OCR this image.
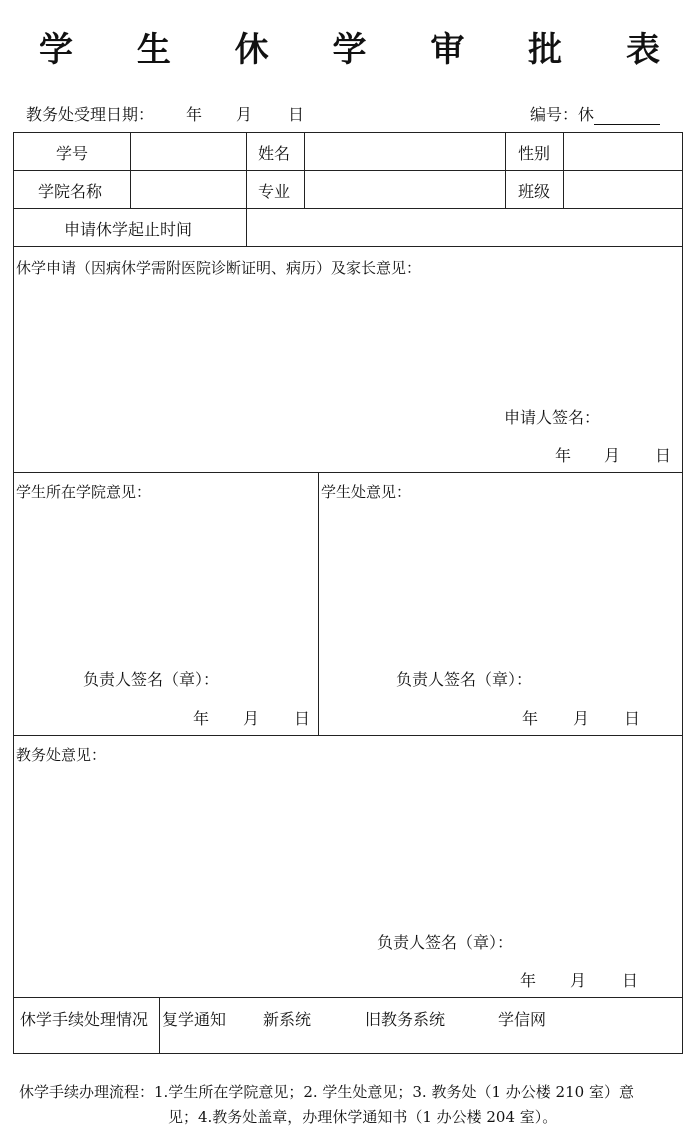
学 生 休 学 审 批 表
教务处受理日期： 年 月 日	编号：休
学号	姓名	性别
学院名称	专业	班级
申请休学起止时间
休学申请（因病休学需附医院诊断证明、病历）及家长意见：
申请人签名：
年 月 日
学生所在学院意见：
负责人签名（章）：
年 月 日
学生处意见：
负责人签名（章）：
年 月 日
教务处意见：
负责人签名（章）：
年 月 日
休学手续处理情况 复学通知 新系统	旧教务系统	学信网
休学手续办理流程：1.学生所在学院意见；2. 学生处意见；3. 教务处（1 办公楼 210 室）意
见；4.教务处盖章，办理休学通知书（1 办公楼 204 室）。
